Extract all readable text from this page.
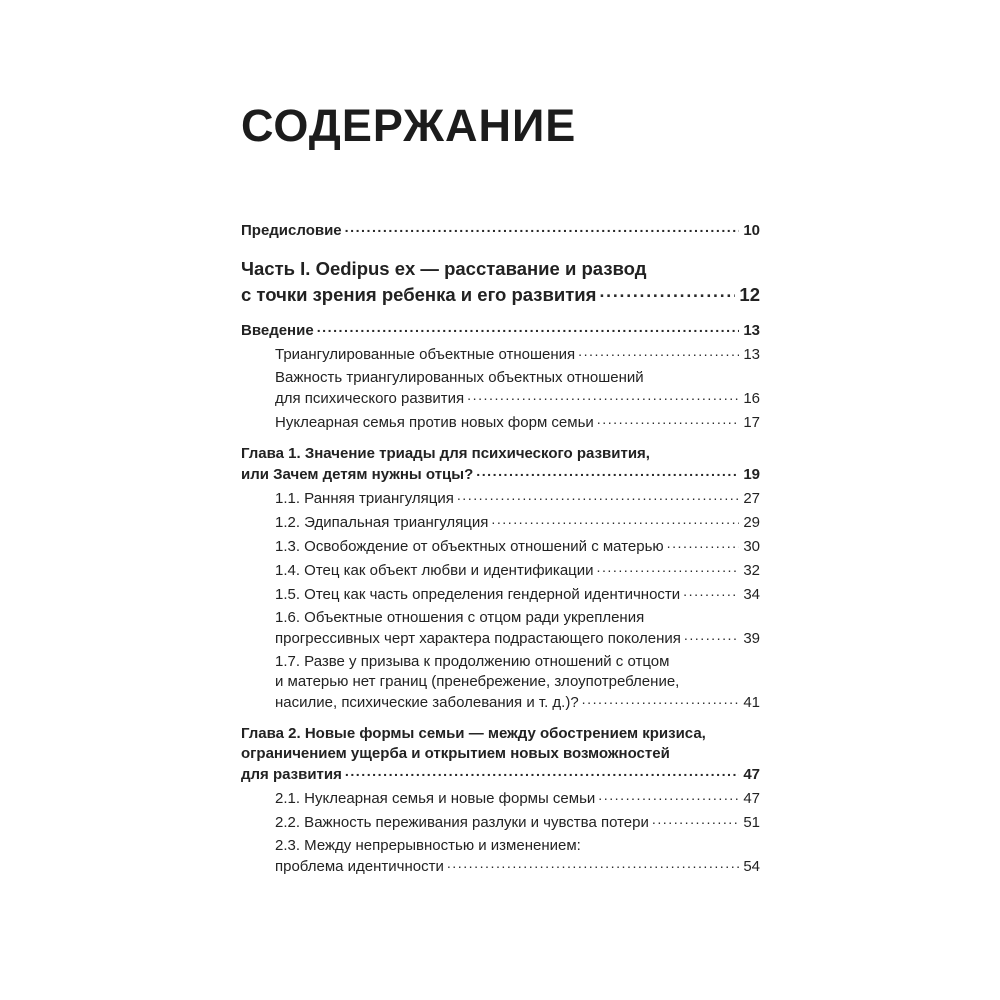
СОДЕРЖАНИЕ
Предисловие .....	10
Часть I. Oedipus ex — расставание и развод
с точки зрения ребенка и его развития .....	12
Введение .....	13
Триангулированные объектные отношения .....	13
Важность триангулированных объектных отношений
для психического развития .....	16
Нуклеарная семья против новых форм семьи .....	17
Глава 1. Значение триады для психического развития,
или Зачем детям нужны отцы? .....	19
1.1. Ранняя триангуляция .....	27
1.2. Эдипальная триангуляция .....	29
1.3. Освобождение от объектных отношений с матерью .....	30
1.4. Отец как объект любви и идентификации .....	32
1.5. Отец как часть определения гендерной идентичности .....	34
1.6. Объектные отношения с отцом ради укрепления
прогрессивных черт характера подрастающего поколения .....	39
1.7. Разве у призыва к продолжению отношений с отцом
и матерью нет границ (пренебрежение, злоупотребление,
насилие, психические заболевания и т. д.)? .....	41
Глава 2. Новые формы семьи — между обострением кризиса,
ограничением ущерба и открытием новых возможностей
для развития .....	47
2.1. Нуклеарная семья и новые формы семьи .....	47
2.2. Важность переживания разлуки и чувства потери .....	51
2.3. Между непрерывностью и изменением:
проблема идентичности .....	54
